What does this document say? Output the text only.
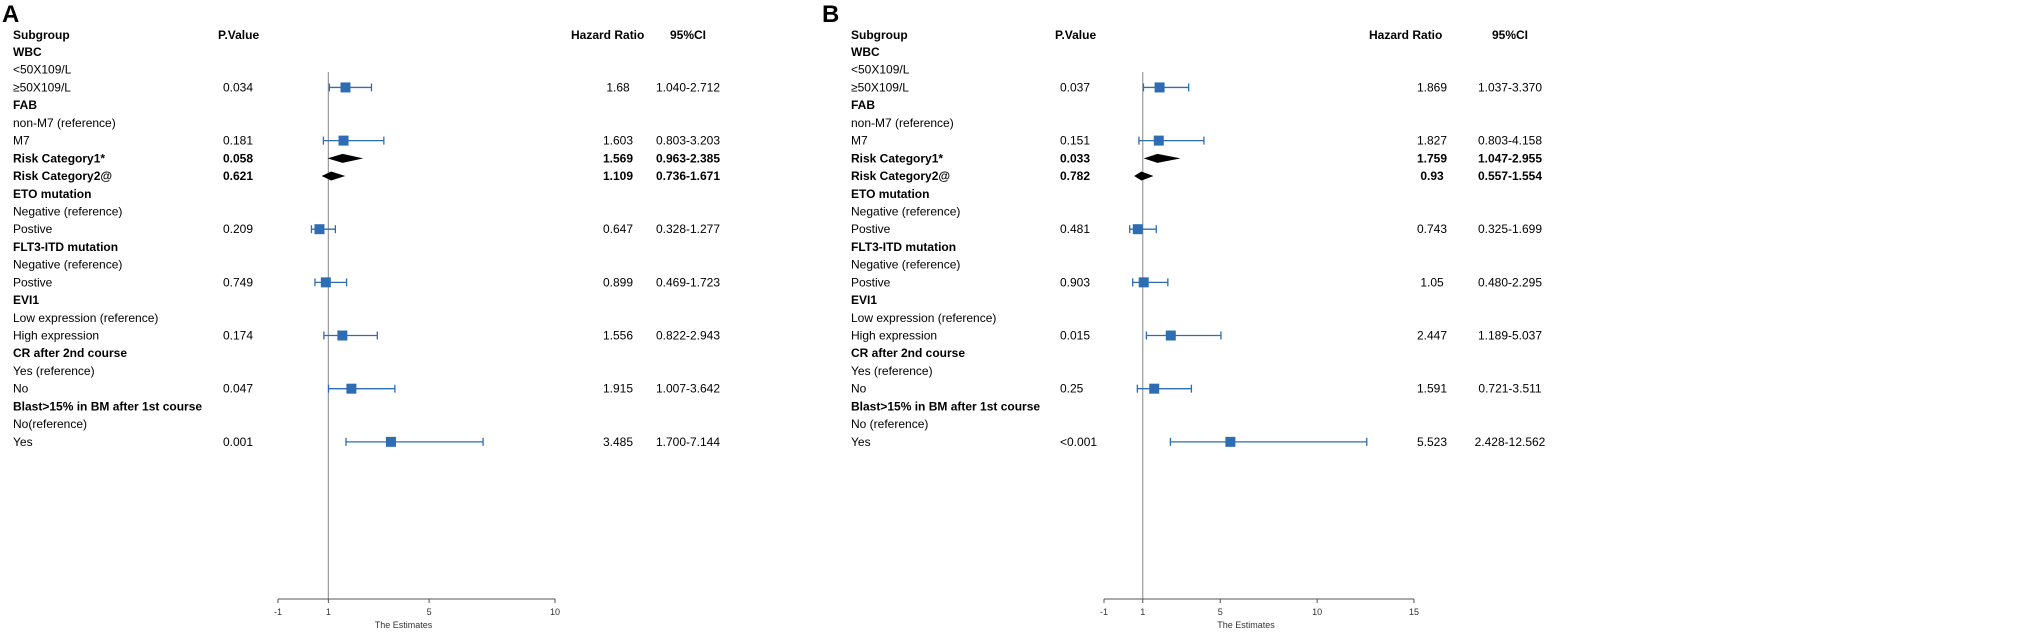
A
Subgroup	P.Value	Hazard Ratio 95%CI
WBC
<50X109/L
≥50X109/L	0.034	1.68 1.040-2.712
FAB
non-M7 (reference)
M7	0.181	1.603 0.803-3.203
Risk Category1*	0.058	1.569 0.963-2.385
Risk Category2@	0.621	1.109 0.736-1.671
ETO mutation
Negative (reference)
Postive	0.209	0.647 0.328-1.277
FLT3-ITD mutation
Negative (reference)
Postive	0.749	0.899 0.469-1.723
EVI1
Low expression (reference)
High expression	0.174	1.556 0.822-2.943
CR after 2nd course
Yes (reference)
No	0.047	1.915 1.007-3.642
Blast>15% in BM after 1st course
No(reference)
Yes	0.001	3.485 1.700-7.144
-1	1	5	10
The Estimates
B
Subgroup	P.Value	Hazard Ratio	95%CI
WBC
<50X109/L
≥50X109/L	0.037	1.869	1.037-3.370
FAB
non-M7 (reference)
M7	0.151	1.827	0.803-4.158
Risk Category1*	0.033	1.759	1.047-2.955
Risk Category2@	0.782	0.93	0.557-1.554
ETO mutation
Negative (reference)
Postive	0.481	0.743	0.325-1.699
FLT3-ITD mutation
Negative (reference)
Postive	0.903	1.05	0.480-2.295
EVI1
Low expression (reference)
High expression	0.015	2.447	1.189-5.037
CR after 2nd course
Yes (reference)
No	0.25	1.591	0.721-3.511
Blast>15% in BM after 1st course
No (reference)
Yes	<0.001	5.523 2.428-12.562
-1	1	5	10	15
The Estimates
